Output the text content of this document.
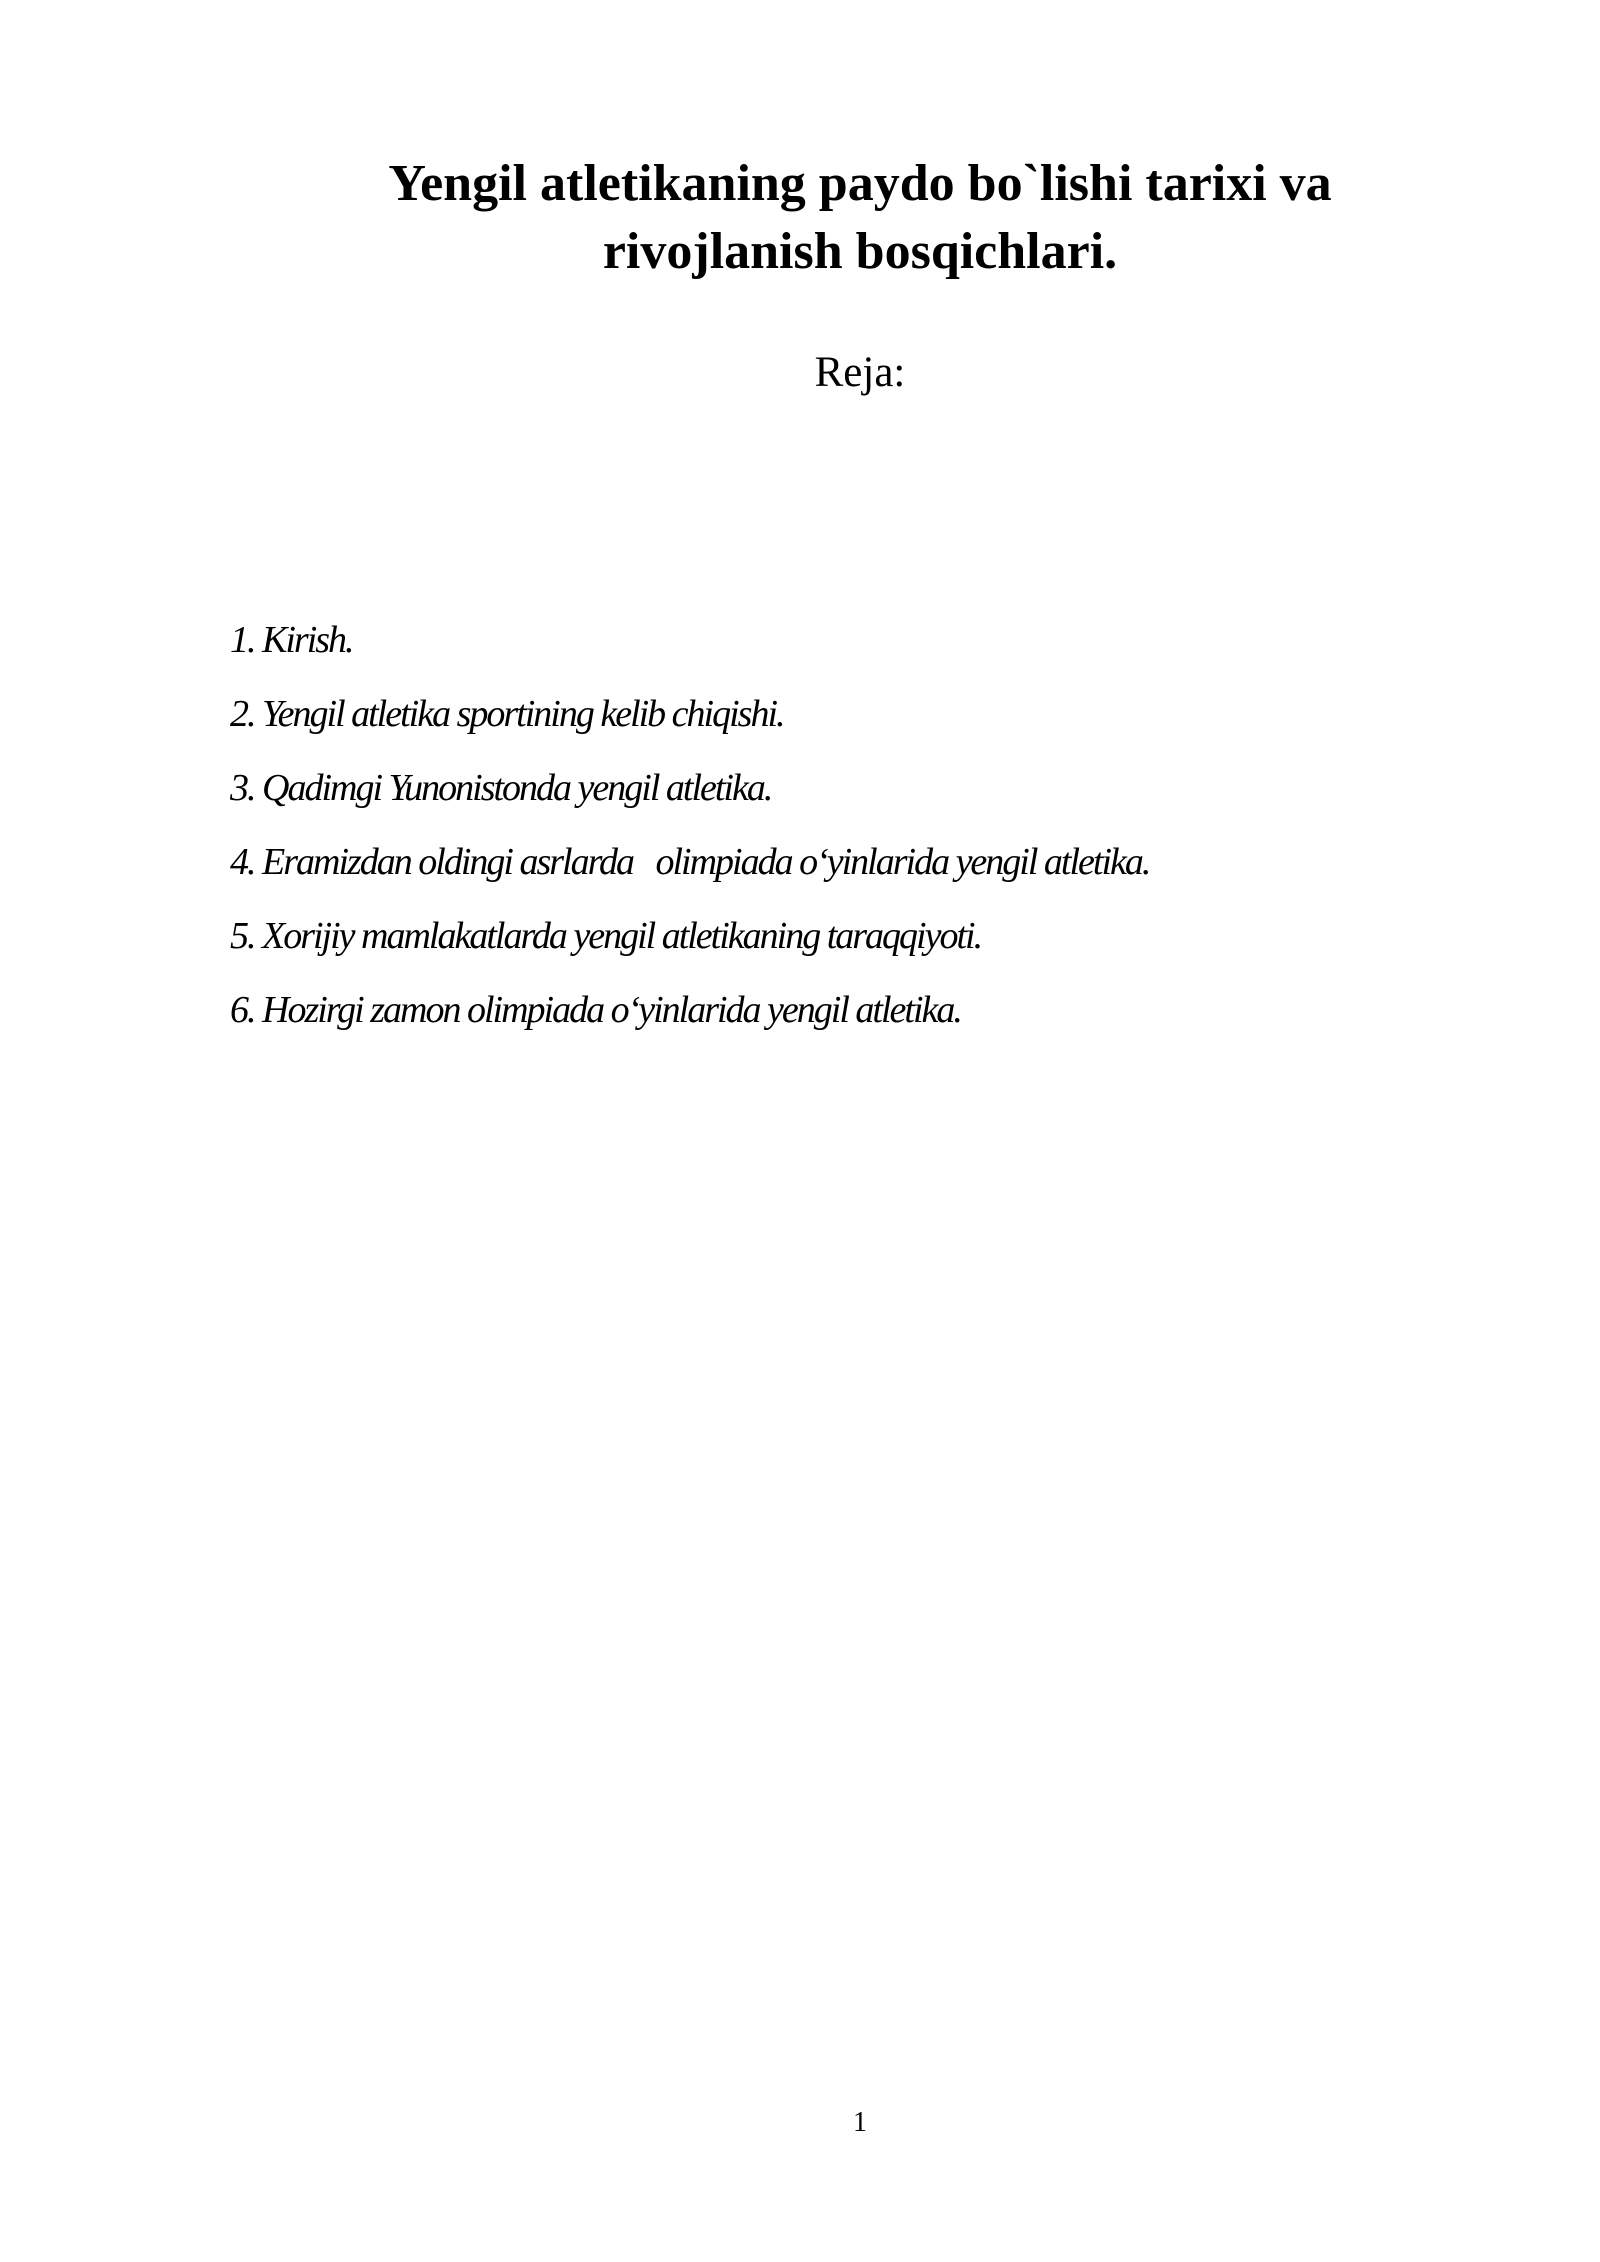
Yengil atletikaning paydo bo`lishi tarixi va rivojlanish bosqichlari.
Reja:
1. Kirish.
2. Yengil atletika sportining kelib chiqishi.
3. Qadimgi Yunonistonda yengil atletika.
4. Eramizdan oldingi asrlarda   olimpiada o‘yinlarida yengil atletika.
5. Xorijiy mamlakatlarda yengil atletikaning taraqqiyoti.
6. Hozirgi zamon olimpiada o‘yinlarida yengil atletika.
1
